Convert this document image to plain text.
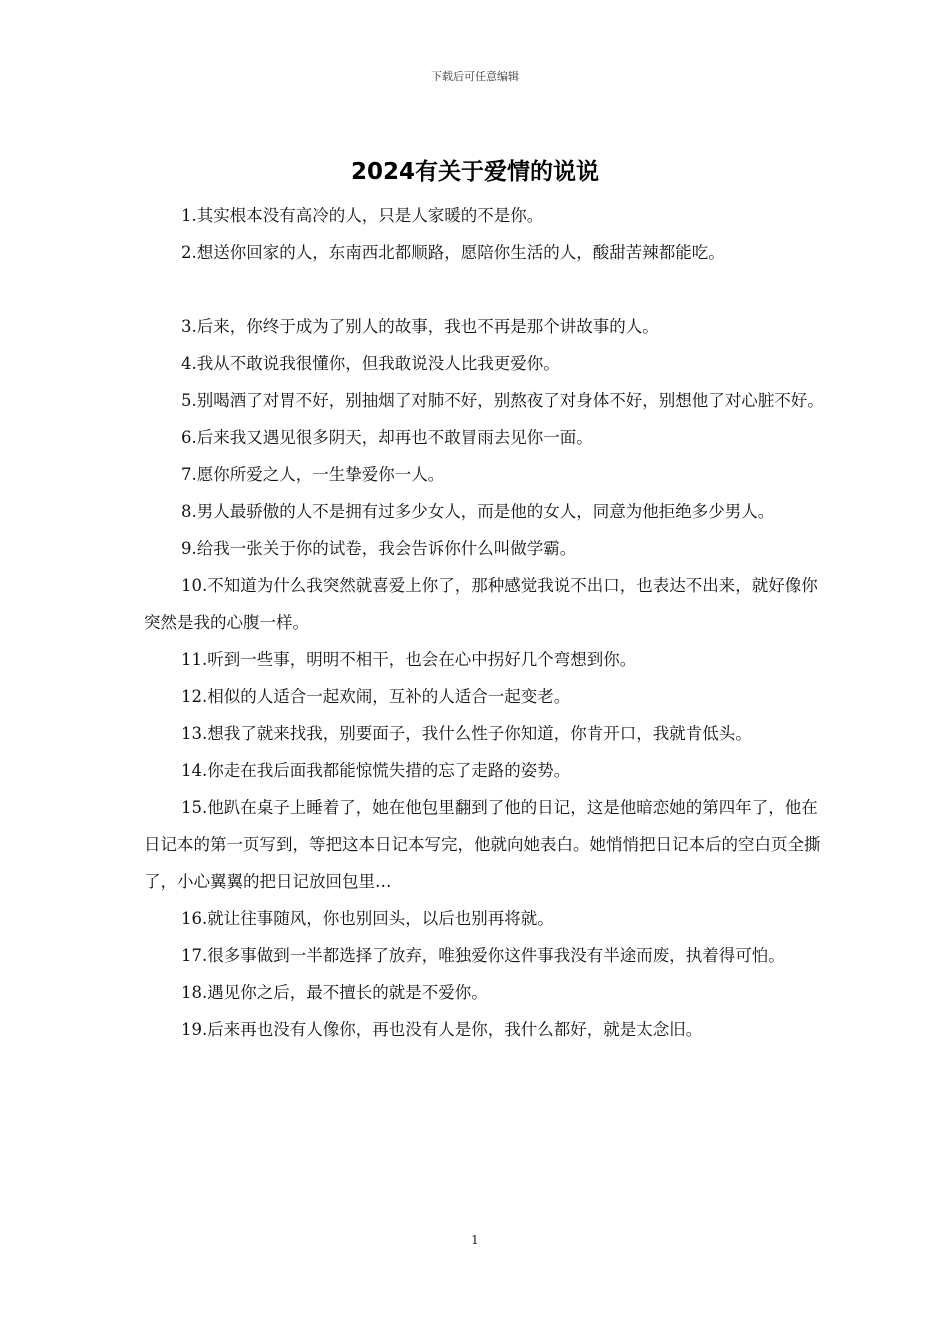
下载后可任意编辑
2024有关于爱情的说说

1.其实根本没有高冷的人，只是人家暖的不是你。

2.想送你回家的人，东南西北都顺路，愿陪你生活的人，酸甜苦辣都能吃。

3.后来，你终于成为了别人的故事，我也不再是那个讲故事的人。

4.我从不敢说我很懂你，但我敢说没人比我更爱你。

5.别喝酒了对胃不好，别抽烟了对肺不好，别熬夜了对身体不好，别想他了对心脏不好。

6.后来我又遇见很多阴天，却再也不敢冒雨去见你一面。

7.愿你所爱之人，一生挚爱你一人。

8.男人最骄傲的人不是拥有过多少女人，而是他的女人，同意为他拒绝多少男人。

9.给我一张关于你的试卷，我会告诉你什么叫做学霸。

10.不知道为什么我突然就喜爱上你了，那种感觉我说不出口，也表达不出来，就好像你突然是我的心腹一样。

11.听到一些事，明明不相干，也会在心中拐好几个弯想到你。

12.相似的人适合一起欢闹，互补的人适合一起变老。

13.想我了就来找我，别要面子，我什么性子你知道，你肯开口，我就肯低头。

14.你走在我后面我都能惊慌失措的忘了走路的姿势。

15.他趴在桌子上睡着了，她在他包里翻到了他的日记，这是他暗恋她的第四年了，他在日记本的第一页写到，等把这本日记本写完，他就向她表白。她悄悄把日记本后的空白页全撕了，小心翼翼的把日记放回包里…

16.就让往事随风，你也别回头，以后也别再将就。

17.很多事做到一半都选择了放弃，唯独爱你这件事我没有半途而废，执着得可怕。

18.遇见你之后，最不擅长的就是不爱你。

19.后来再也没有人像你，再也没有人是你，我什么都好，就是太念旧。

1
